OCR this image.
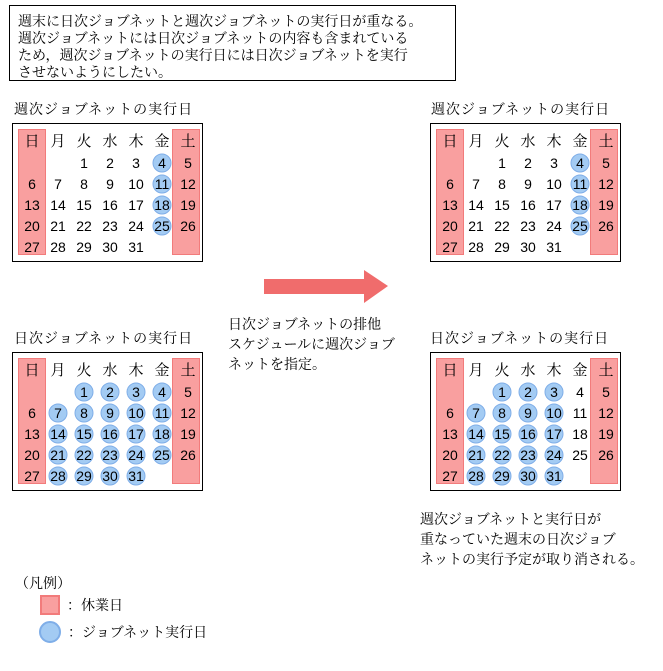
週末に日次ジョブネットと週次ジョブネットの実行日が重なる。
週次ジョブネットには日次ジョブネットの内容も含まれている
ため，週次ジョブネットの実行日には日次ジョブネットを実行
させないようにしたい。
週次ジョブネットの実行日
日 月 火 水 木 金 土
1 2 3 4 5
6 7 8 9 10 11 12
13 14 15 16 17 18 19
20 21 22 23 24 25 26
27 28 29 30 31
週次ジョブネットの実行日
日 月 火 水 木 金 土
1 2 3 4 5
6 7 8 9 10 11 12
13 14 15 16 17 18 19
20 21 22 23 24 25 26
27 28 29 30 31
日次ジョブネットの実行日
日 月 火 水 木 金 土
1 2 3 4 5
6 7 8 9 10 11 12
13 14 15 16 17 18 19
20 21 22 23 24 25 26
27 28 29 30 31
日次ジョブネットの実行日
日 月 火 水 木 金 土
1 2 3 4 5
6 7 8 9 10 11 12
13 14 15 16 17 18 19
20 21 22 23 24 25 26
27 28 29 30 31
日次ジョブネットの排他
スケジュールに週次ジョブ
ネットを指定。
週次ジョブネットと実行日が
重なっていた週末の日次ジョブ
ネットの実行予定が取り消される。
（凡例）
：休業日
：ジョブネット実行日
